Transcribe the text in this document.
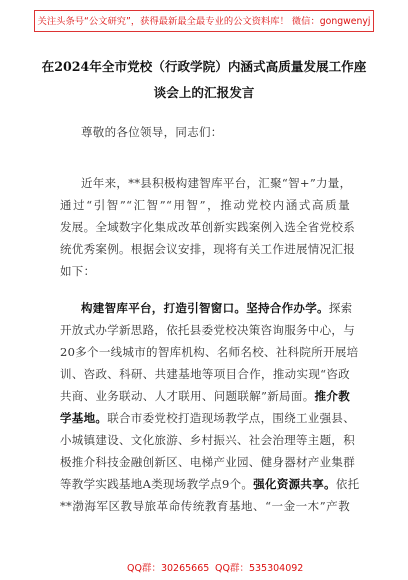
关注头条号“公文研究”，获得最新最全最专业的公文资料库！ 微信：gongwenyj
在2024年全市党校（行政学院）内涵式高质量发展工作座
谈会上的汇报发言
尊敬的各位领导，同志们：
近年来，**县积极构建智库平台，汇聚“智+”力量，
通过“引智”“汇智”“用智”，推动党校内涵式高质量
发展。全域数字化集成改革创新实践案例入选全省党校系
统优秀案例。根据会议安排，现将有关工作进展情况汇报
如下：
构建智库平台，打造引智窗口。坚持合作办学。探索
开放式办学新思路，依托县委党校决策咨询服务中心，与
20多个一线城市的智库机构、名师名校、社科院所开展培
训、咨政、科研、共建基地等项目合作，推动实现“咨政
共商、业务联动、人才联用、问题联解”新局面。推介教
学基地。联合市委党校打造现场教学点，围绕工业强县、
小城镇建设、文化旅游、乡村振兴、社会治理等主题，积
极推介科技金融创新区、电梯产业园、健身器材产业集群
等教学实践基地A类现场教学点9个。强化资源共享。依托
**渤海军区教导旅革命传统教育基地、“一金一木”产教
QQ群：30265665 QQ群：535304092
